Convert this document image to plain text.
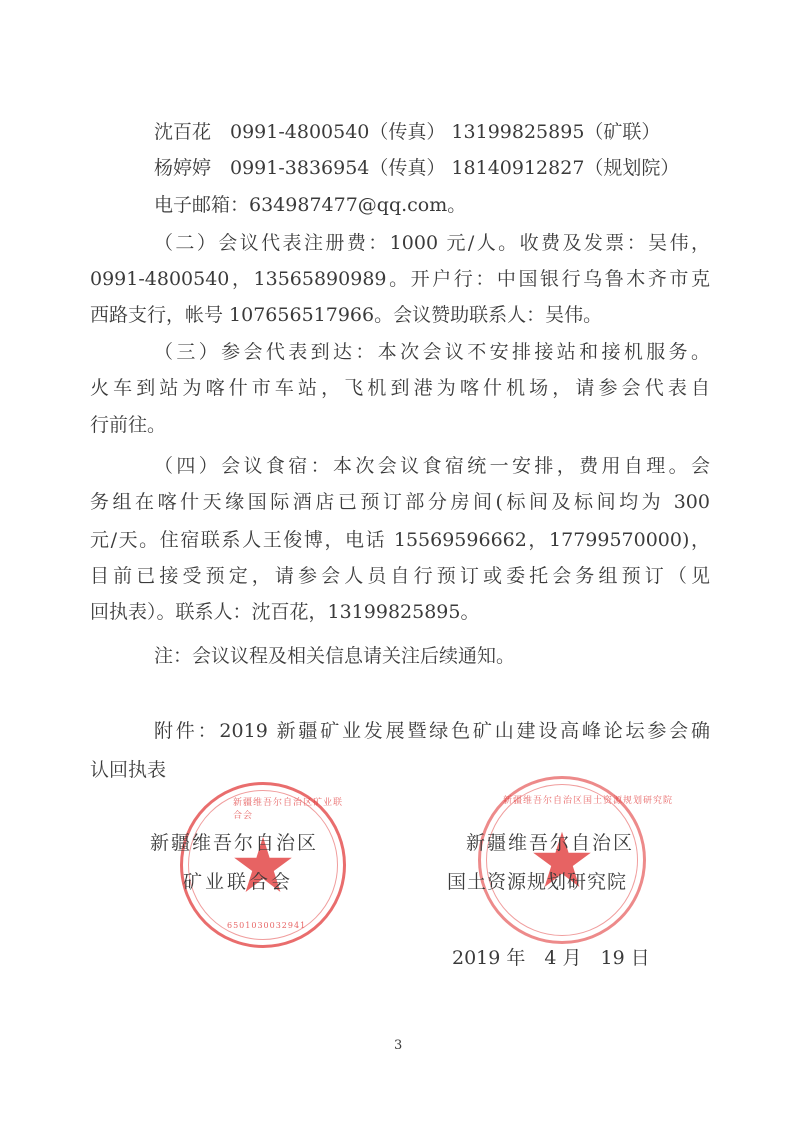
沈百花　0991-4800540（传真） 13199825895（矿联）
杨婷婷　0991-3836954（传真） 18140912827（规划院）
电子邮箱：634987477@qq.com。
（二）会议代表注册费：1000 元/人。收费及发票：吴伟，
0991-4800540，13565890989。开户行：中国银行乌鲁木齐市克
西路支行，帐号 10765651796​6。会议赞助联系人：吴伟。
（三）参会代表到达：本次会议不安排接站和接机服务。
火车到站为喀什市车站，飞机到港为喀什机场，请参会代表自
行前往。
（四）会议食宿：本次会议食宿统一安排，费用自理。会
务组在喀什天缘国际酒店已预订部分房间(标间及标间均为 300
元/天。住宿联系人王俊博，电话 15569596662，17799570000)，
目前已接受预定，请参会人员自行预订或委托会务组预订（见
回执表）。联系人：沈百花，13199825895。
注：会议议程及相关信息请关注后续通知。
附件：2019 新疆矿业发展暨绿色矿山建设高峰论坛参会确
认回执表
新疆维吾尔自治区矿业联合会
6501030032941
新疆维吾尔自治区国土资源规划研究院
新疆维吾尔自治区
矿业联合会
新疆维吾尔自治区
国土资源规划研究院
2019 年　4 月　19 日
3
